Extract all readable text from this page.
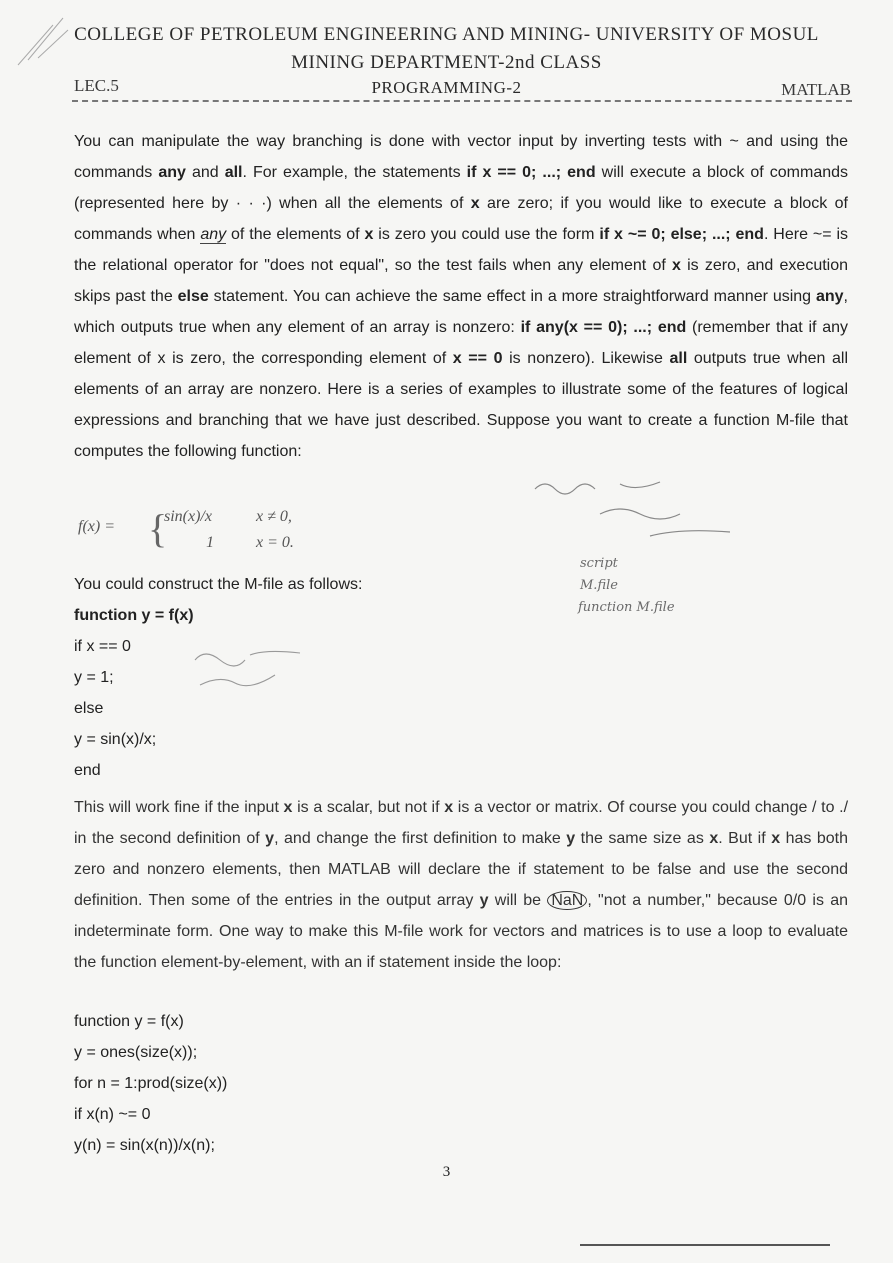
COLLEGE OF PETROLEUM ENGINEERING AND MINING- UNIVERSITY OF MOSUL
MINING DEPARTMENT-2nd CLASS
PROGRAMMING-2
LEC.5	MATLAB
You can manipulate the way branching is done with vector input by inverting tests with ~ and using the commands any and all. For example, the statements if x == 0; ...; end will execute a block of commands (represented here by · · ·) when all the elements of x are zero; if you would like to execute a block of commands when any of the elements of x is zero you could use the form if x ~= 0; else; ...; end. Here ~= is the relational operator for "does not equal", so the test fails when any element of x is zero, and execution skips past the else statement. You can achieve the same effect in a more straightforward manner using any, which outputs true when any element of an array is nonzero: if any(x == 0); ...; end (remember that if any element of x is zero, the corresponding element of x == 0 is nonzero). Likewise all outputs true when all elements of an array are nonzero. Here is a series of examples to illustrate some of the features of logical expressions and branching that we have just described. Suppose you want to create a function M-file that computes the following function:
f(x) = {
sin(x)/x	x ≠ 0,
1	x = 0.
You could construct the M-file as follows:
function y = f(x)
if x == 0
y = 1;
else
y = sin(x)/x;
end
This will work fine if the input x is a scalar, but not if x is a vector or matrix. Of course you could change / to ./ in the second definition of y, and change the first definition to make y the same size as x. But if x has both zero and nonzero elements, then MATLAB will declare the if statement to be false and use the second definition. Then some of the entries in the output array y will be NaN , "not a number," because 0/0 is an indeterminate form. One way to make this M-file work for vectors and matrices is to use a loop to evaluate the function element-by-element, with an if statement inside the loop:
function y = f(x)
y = ones(size(x));
for n = 1:prod(size(x))
if x(n) ~= 0
y(n) = sin(x(n))/x(n);
script
M.file
function M.file
3
